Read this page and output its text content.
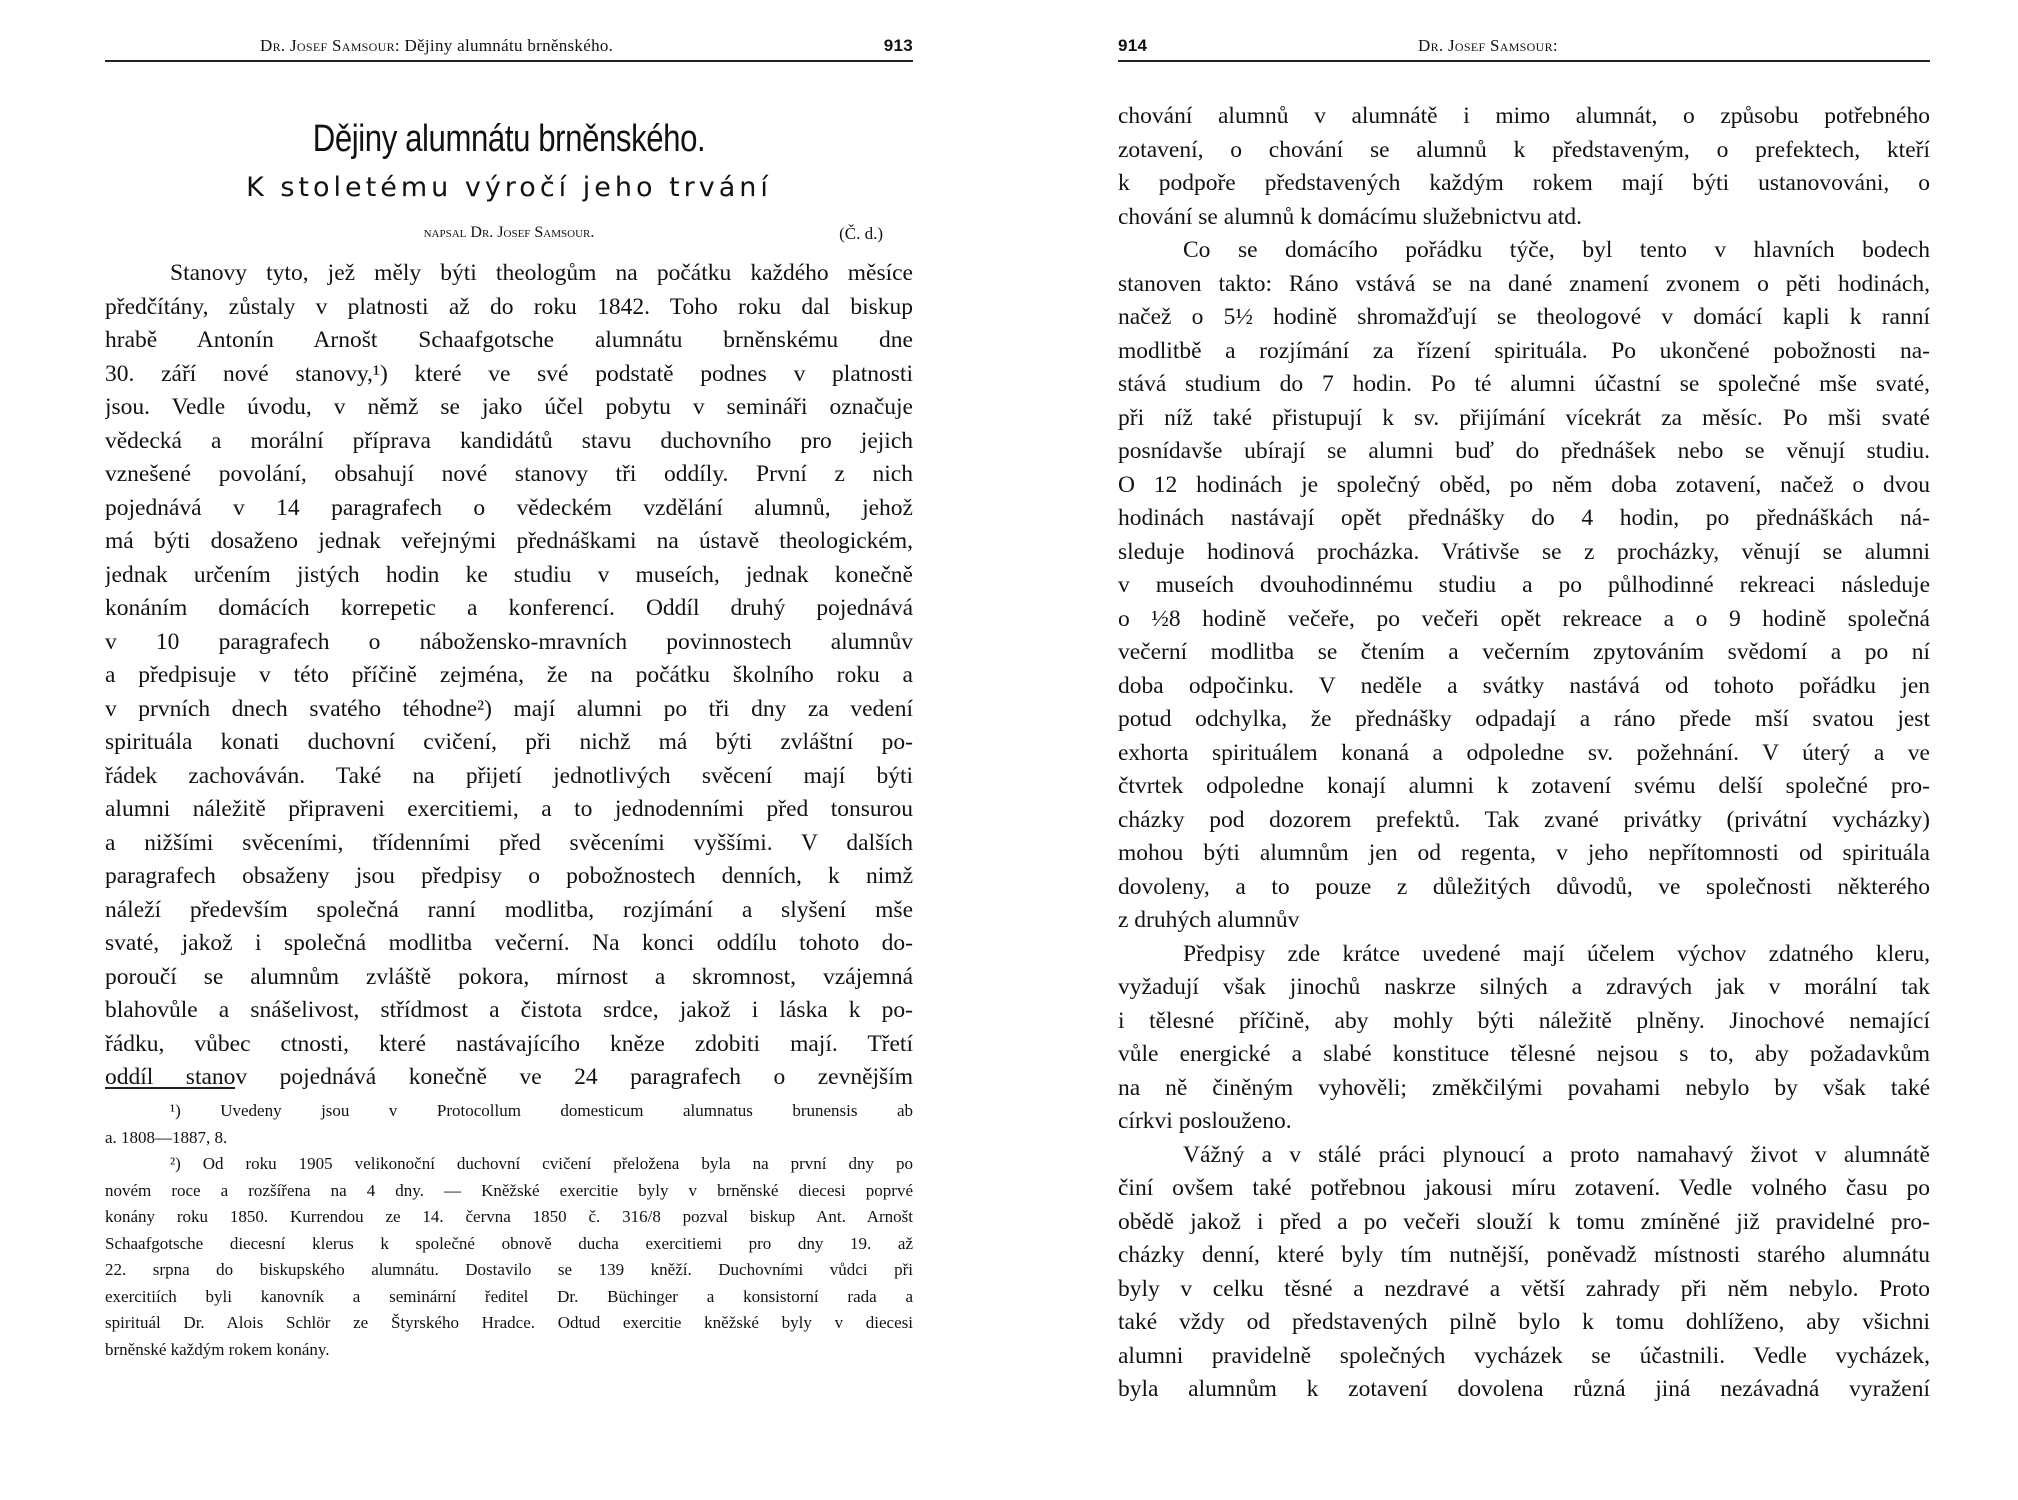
Dr. Josef Samsour: Dějiny alumnátu brněnského.	913
Dějiny alumnátu brněnského.
K stoletému výročí jeho trvání
napsal Dr. Josef Samsour.	(Č. d.)
Stanovy tyto, jež měly býti theologům na počátku každého měsíce
předčítány, zůstaly v platnosti až do roku 1842. Toho roku dal biskup
hrabě Antonín Arnošt Schaafgotsche alumnátu brněnskému dne
30. září nové stanovy,¹) které ve své podstatě podnes v platnosti
jsou. Vedle úvodu, v němž se jako účel pobytu v semináři označuje
vědecká a morální příprava kandidátů stavu duchovního pro jejich
vznešené povolání, obsahují nové stanovy tři oddíly. První z nich
pojednává v 14 paragrafech o vědeckém vzdělání alumnů, jehož
má býti dosaženo jednak veřejnými přednáškami na ústavě theologickém,
jednak určením jistých hodin ke studiu v museích, jednak konečně
konáním domácích korrepetic a konferencí. Oddíl druhý pojednává
v 10 paragrafech o nábožensko-mravních povinnostech alumnův
a předpisuje v této příčině zejména, že na počátku školního roku a
v prvních dnech svatého téhodne²) mají alumni po tři dny za vedení
spirituála konati duchovní cvičení, při nichž má býti zvláštní po-
řádek zachováván. Také na přijetí jednotlivých svěcení mají býti
alumni náležitě připraveni exercitiemi, a to jednodenními před tonsurou
a nižšími svěceními, třídenními před svěceními vyššími. V dalších
paragrafech obsaženy jsou předpisy o pobožnostech denních, k nimž
náleží především společná ranní modlitba, rozjímání a slyšení mše
svaté, jakož i společná modlitba večerní. Na konci oddílu tohoto do-
poroučí se alumnům zvláště pokora, mírnost a skromnost, vzájemná
blahovůle a snášelivost, střídmost a čistota srdce, jakož i láska k po-
řádku, vůbec ctnosti, které nastávajícího kněze zdobiti mají. Třetí
oddíl stanov pojednává konečně ve 24 paragrafech o zevnějším
¹) Uvedeny jsou v Protocollum domesticum alumnatus brunensis ab
a. 1808—1887, 8.
²) Od roku 1905 velikonoční duchovní cvičení přeložena byla na první dny po
novém roce a rozšířena na 4 dny. — Kněžské exercitie byly v brněnské diecesi poprvé
konány roku 1850. Kurrendou ze 14. června 1850 č. 316/8 pozval biskup Ant. Arnošt
Schaafgotsche diecesní klerus k společné obnově ducha exercitiemi pro dny 19. až
22. srpna do biskupského alumnátu. Dostavilo se 139 kněží. Duchovními vůdci při
exercitiích byli kanovník a seminární ředitel Dr. Büchinger a konsistorní rada a
spirituál Dr. Alois Schlör ze Štyrského Hradce. Odtud exercitie kněžské byly v diecesi
brněnské každým rokem konány.
914	Dr. Josef Samsour:
chování alumnů v alumnátě i mimo alumnát, o způsobu potřebného
zotavení, o chování se alumnů k představeným, o prefektech, kteří
k podpoře představených každým rokem mají býti ustanovováni, o
chování se alumnů k domácímu služebnictvu atd.
Co se domácího pořádku týče, byl tento v hlavních bodech
stanoven takto: Ráno vstává se na dané znamení zvonem o pěti hodinách,
načež o 5½ hodině shromažďují se theologové v domácí kapli k ranní
modlitbě a rozjímání za řízení spirituála. Po ukončené pobožnosti na-
stává studium do 7 hodin. Po té alumni účastní se společné mše svaté,
při níž také přistupují k sv. přijímání vícekrát za měsíc. Po mši svaté
posnídavše ubírají se alumni buď do přednášek nebo se věnují studiu.
O 12 hodinách je společný oběd, po něm doba zotavení, načež o dvou
hodinách nastávají opět přednášky do 4 hodin, po přednáškách ná-
sleduje hodinová procházka. Vrátivše se z procházky, věnují se alumni
v museích dvouhodinnému studiu a po půlhodinné rekreaci následuje
o ½8 hodině večeře, po večeři opět rekreace a o 9 hodině společná
večerní modlitba se čtením a večerním zpytováním svědomí a po ní
doba odpočinku. V neděle a svátky nastává od tohoto pořádku jen
potud odchylka, že přednášky odpadají a ráno přede mší svatou jest
exhorta spirituálem konaná a odpoledne sv. požehnání. V úterý a ve
čtvrtek odpoledne konají alumni k zotavení svému delší společné pro-
cházky pod dozorem prefektů. Tak zvané privátky (privátní vycházky)
mohou býti alumnům jen od regenta, v jeho nepřítomnosti od spirituála
dovoleny, a to pouze z důležitých důvodů, ve společnosti některého
z druhých alumnův
Předpisy zde krátce uvedené mají účelem výchov zdatného kleru,
vyžadují však jinochů naskrze silných a zdravých jak v morální tak
i tělesné příčině, aby mohly býti náležitě plněny. Jinochové nemající
vůle energické a slabé konstituce tělesné nejsou s to, aby požadavkům
na ně činěným vyhověli; změkčilými povahami nebylo by však také
církvi poslouženo.
Vážný a v stálé práci plynoucí a proto namahavý život v alumnátě
činí ovšem také potřebnou jakousi míru zotavení. Vedle volného času po
obědě jakož i před a po večeři slouží k tomu zmíněné již pravidelné pro-
cházky denní, které byly tím nutnější, poněvadž místnosti starého alumnátu
byly v celku těsné a nezdravé a větší zahrady při něm nebylo. Proto
také vždy od představených pilně bylo k tomu dohlíženo, aby všichni
alumni pravidelně společných vycházek se účastnili. Vedle vycházek,
byla alumnům k zotavení dovolena různá jiná nezávadná vyražení
